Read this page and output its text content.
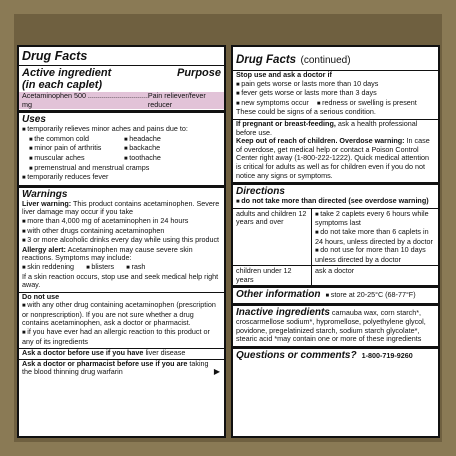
Drug Facts
Active ingredient	Purpose
(in each caplet)
Acetaminophen 500 mg
.............................. Pain reliever/fever reducer
Uses
■ temporarily relieves minor aches and pains due to:
■ the common cold	■ headache
■ minor pain of arthritis	■ backache
■ muscular aches	■ toothache
■ premenstrual and menstrual cramps
■ temporarily reduces fever
Warnings
Liver warning: This product contains acetaminophen. Severe liver damage may occur if you take
■ more than 4,000 mg of acetaminophen in 24 hours
■ with other drugs containing acetaminophen
■ 3 or more alcoholic drinks every day while using this product
Allergy alert: Acetaminophen may cause severe skin reactions. Symptoms may include:
■ skin reddening	■ blisters	■ rash
If a skin reaction occurs, stop use and seek medical help right away.
Do not use
■ with any other drug containing acetaminophen (prescription or nonprescription). If you are not sure whether a drug contains acetaminophen, ask a doctor or pharmacist.
■ if you have ever had an allergic reaction to this product or any of its ingredients
Ask a doctor before use if you have liver disease
Ask a doctor or pharmacist before use if you are taking the blood thinning drug warfarin	▶
Drug Facts (continued)
Stop use and ask a doctor if
■ pain gets worse or lasts more than 10 days
■ fever gets worse or lasts more than 3 days
■ new symptoms occur	■ redness or swelling is present
These could be signs of a serious condition.
If pregnant or breast-feeding, ask a health professional before use.
Keep out of reach of children. Overdose warning: In case of overdose, get medical help or contact a Poison Control Center right away (1-800-222-1222). Quick medical attention is critical for adults as well as for children even if you do not notice any signs or symptoms.
Directions
■ do not take more than directed (see overdose warning)
adults and children 12 years and over	■ take 2 caplets every 6 hours while symptoms last
■ do not take more than 6 caplets in 24 hours, unless directed by a doctor
■ do not use for more than 10 days unless directed by a doctor

children under 12 years	ask a doctor
Other information	■ store at 20-25°C (68-77°F)
Inactive ingredients carnauba wax, corn starch*, croscarmellose sodium*, hypromellose, polyethylene glycol, povidone, pregelatinized starch, sodium starch glycolate*, stearic acid *may contain one or more of these ingredients
Questions or comments? 1-800-719-9260
